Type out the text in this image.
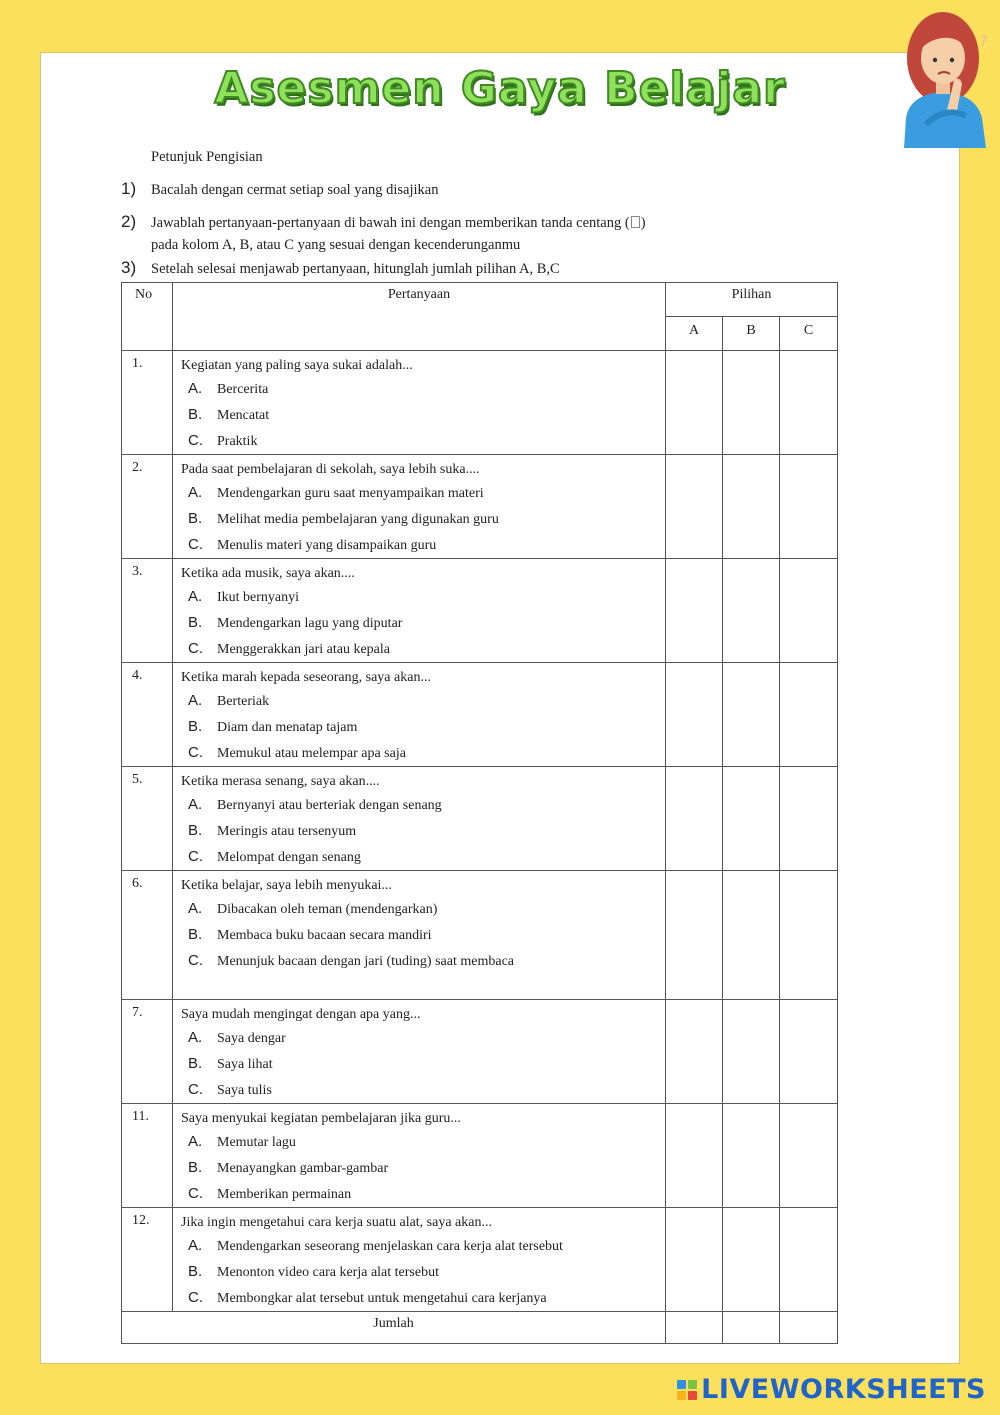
Asesmen Gaya Belajar
Petunjuk Pengisian
1)	Bacalah dengan cermat setiap soal yang disajikan
2)	Jawablah pertanyaan-pertanyaan di bawah ini dengan memberikan tanda centang ( )
pada kolom A, B, atau C yang sesuai dengan kecenderunganmu
3)	Setelah selesai menjawab pertanyaan, hitunglah jumlah pilihan A, B,C
No	Pertanyaan	Pilihan		
		A	B	C
1.	Kegiatan yang paling saya sukai adalah...
A. Bercerita
B. Mencatat
C. Praktik			

2.	Pada saat pembelajaran di sekolah, saya lebih suka....
A. Mendengarkan guru saat menyampaikan materi
B. Melihat media pembelajaran yang digunakan guru
C. Menulis materi yang disampaikan guru			

3.	Ketika ada musik, saya akan....
A. Ikut bernyanyi
B. Mendengarkan lagu yang diputar
C. Menggerakkan jari atau kepala			

4.	Ketika marah kepada seseorang, saya akan...
A. Berteriak
B. Diam dan menatap tajam
C. Memukul atau melempar apa saja			

5.	Ketika merasa senang, saya akan....
A. Bernyanyi atau berteriak dengan senang
B. Meringis atau tersenyum
C. Melompat dengan senang			

6.	Ketika belajar, saya lebih menyukai...
A. Dibacakan oleh teman (mendengarkan)
B. Membaca buku bacaan secara mandiri
C. Menunjuk bacaan dengan jari (tuding) saat membaca			

7.	Saya mudah mengingat dengan apa yang...
A. Saya dengar
B. Saya lihat
C. Saya tulis			

11.	Saya menyukai kegiatan pembelajaran jika guru...
A. Memutar lagu
B. Menayangkan gambar-gambar
C. Memberikan permainan			

12.	Jika ingin mengetahui cara kerja suatu alat, saya akan...
A. Mendengarkan seseorang menjelaskan cara kerja alat tersebut
B. Menonton video cara kerja alat tersebut
C. Membongkar alat tersebut untuk mengetahui cara kerjanya			

Jumlah				
?
LIVEWORKSHEETS
